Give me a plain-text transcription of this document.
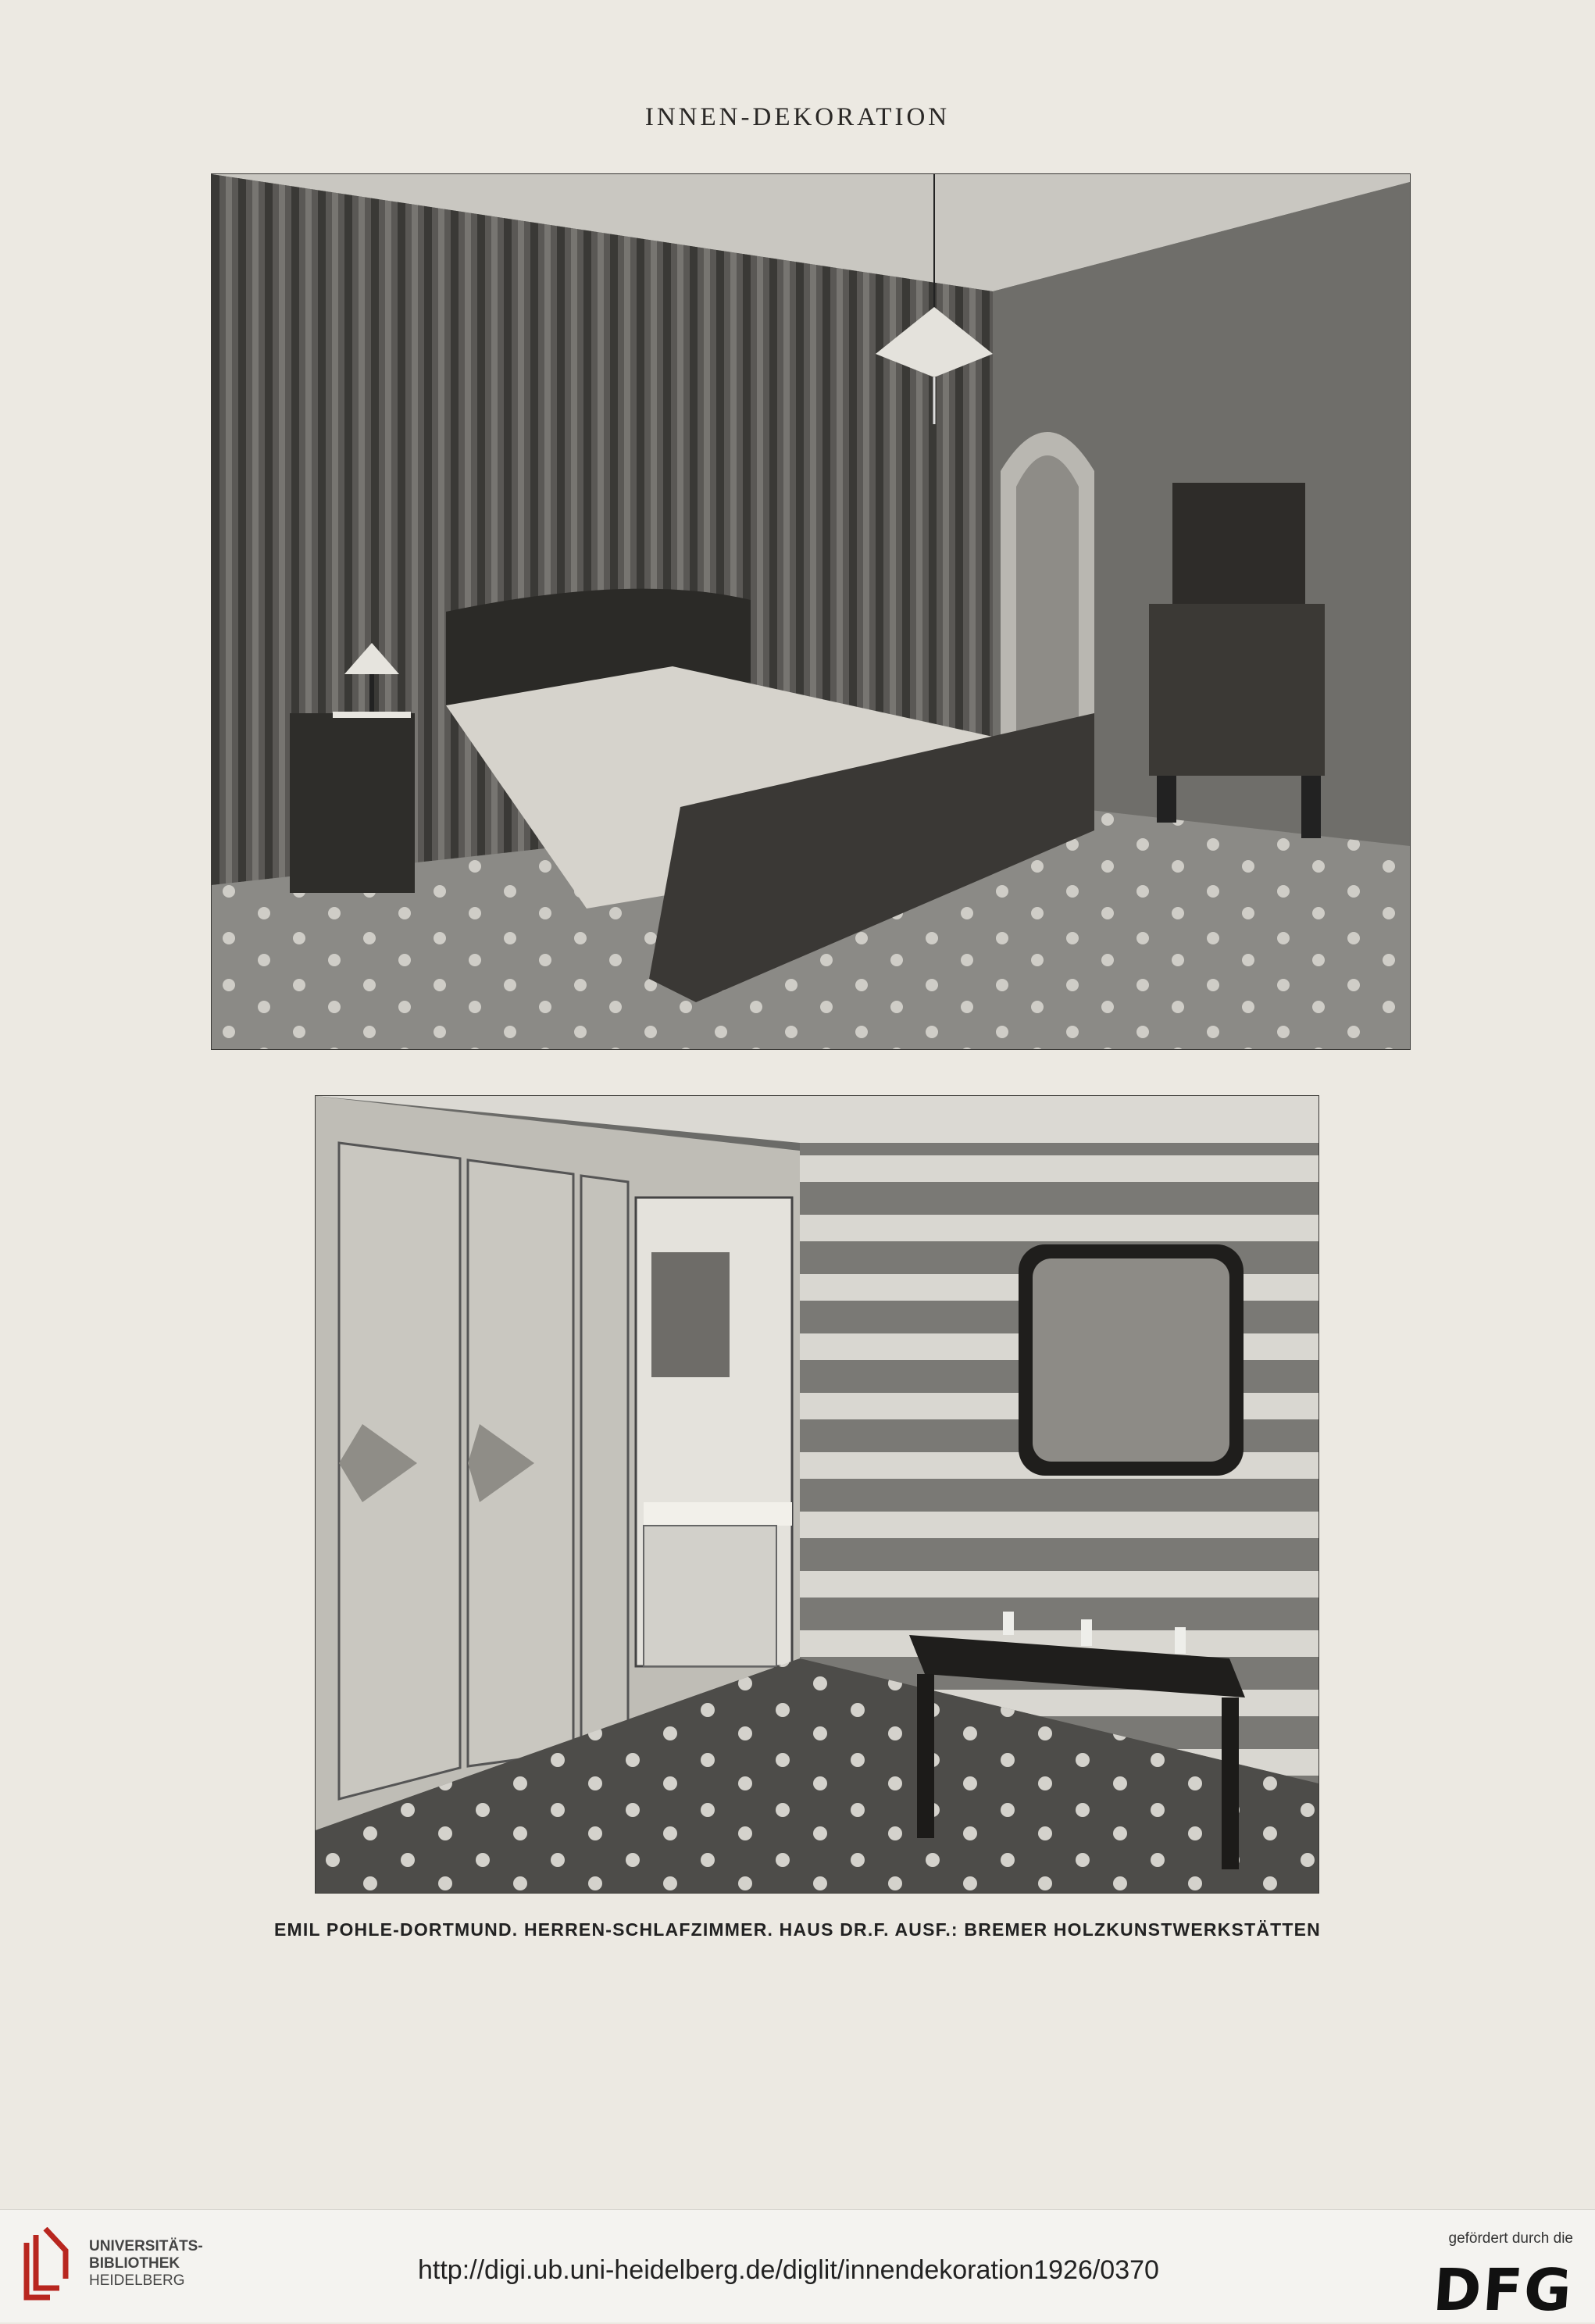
INNEN-DEKORATION
EMIL POHLE-DORTMUND. HERREN-SCHLAFZIMMER. HAUS DR.F. AUSF.: BREMER HOLZKUNSTWERKSTÄTTEN
UNIVERSITÄTS-
BIBLIOTHEK
HEIDELBERG	http://digi.ub.uni-heidelberg.de/diglit/innendekoration1926/0370
gefördert durch die
DFG
